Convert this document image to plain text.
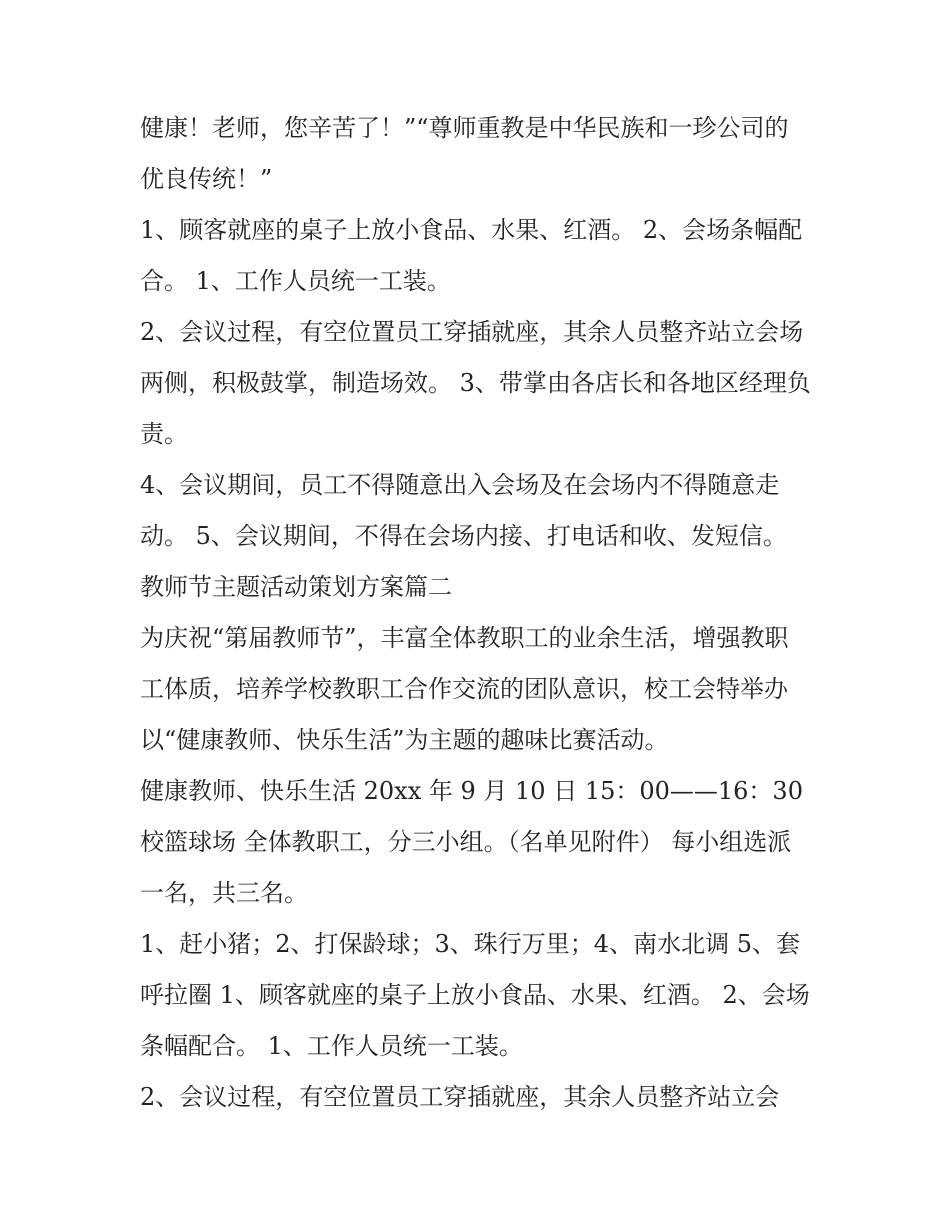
健康！老师，您辛苦了！”“尊师重教是中华民族和一珍公司的优良传统！”

1、顾客就座的桌子上放小食品、水果、红酒。 2、会场条幅配合。 1、工作人员统一工装。

2、会议过程，有空位置员工穿插就座，其余人员整齐站立会场两侧，积极鼓掌，制造场效。 3、带掌由各店长和各地区经理负责。

4、会议期间，员工不得随意出入会场及在会场内不得随意走动。 5、会议期间，不得在会场内接、打电话和收、发短信。

教师节主题活动策划方案篇二

为庆祝“第届教师节”，丰富全体教职工的业余生活，增强教职工体质，培养学校教职工合作交流的团队意识，校工会特举办以“健康教师、快乐生活”为主题的趣味比赛活动。

健康教师、快乐生活 20xx 年 9 月 10 日 15：00——16：30 校篮球场 全体教职工，分三小组。（名单见附件） 每小组选派一名，共三名。

1、赶小猪；2、打保龄球；3、珠行万里；4、南水北调 5、套呼拉圈 1、顾客就座的桌子上放小食品、水果、红酒。 2、会场条幅配合。 1、工作人员统一工装。

2、会议过程，有空位置员工穿插就座，其余人员整齐站立会
